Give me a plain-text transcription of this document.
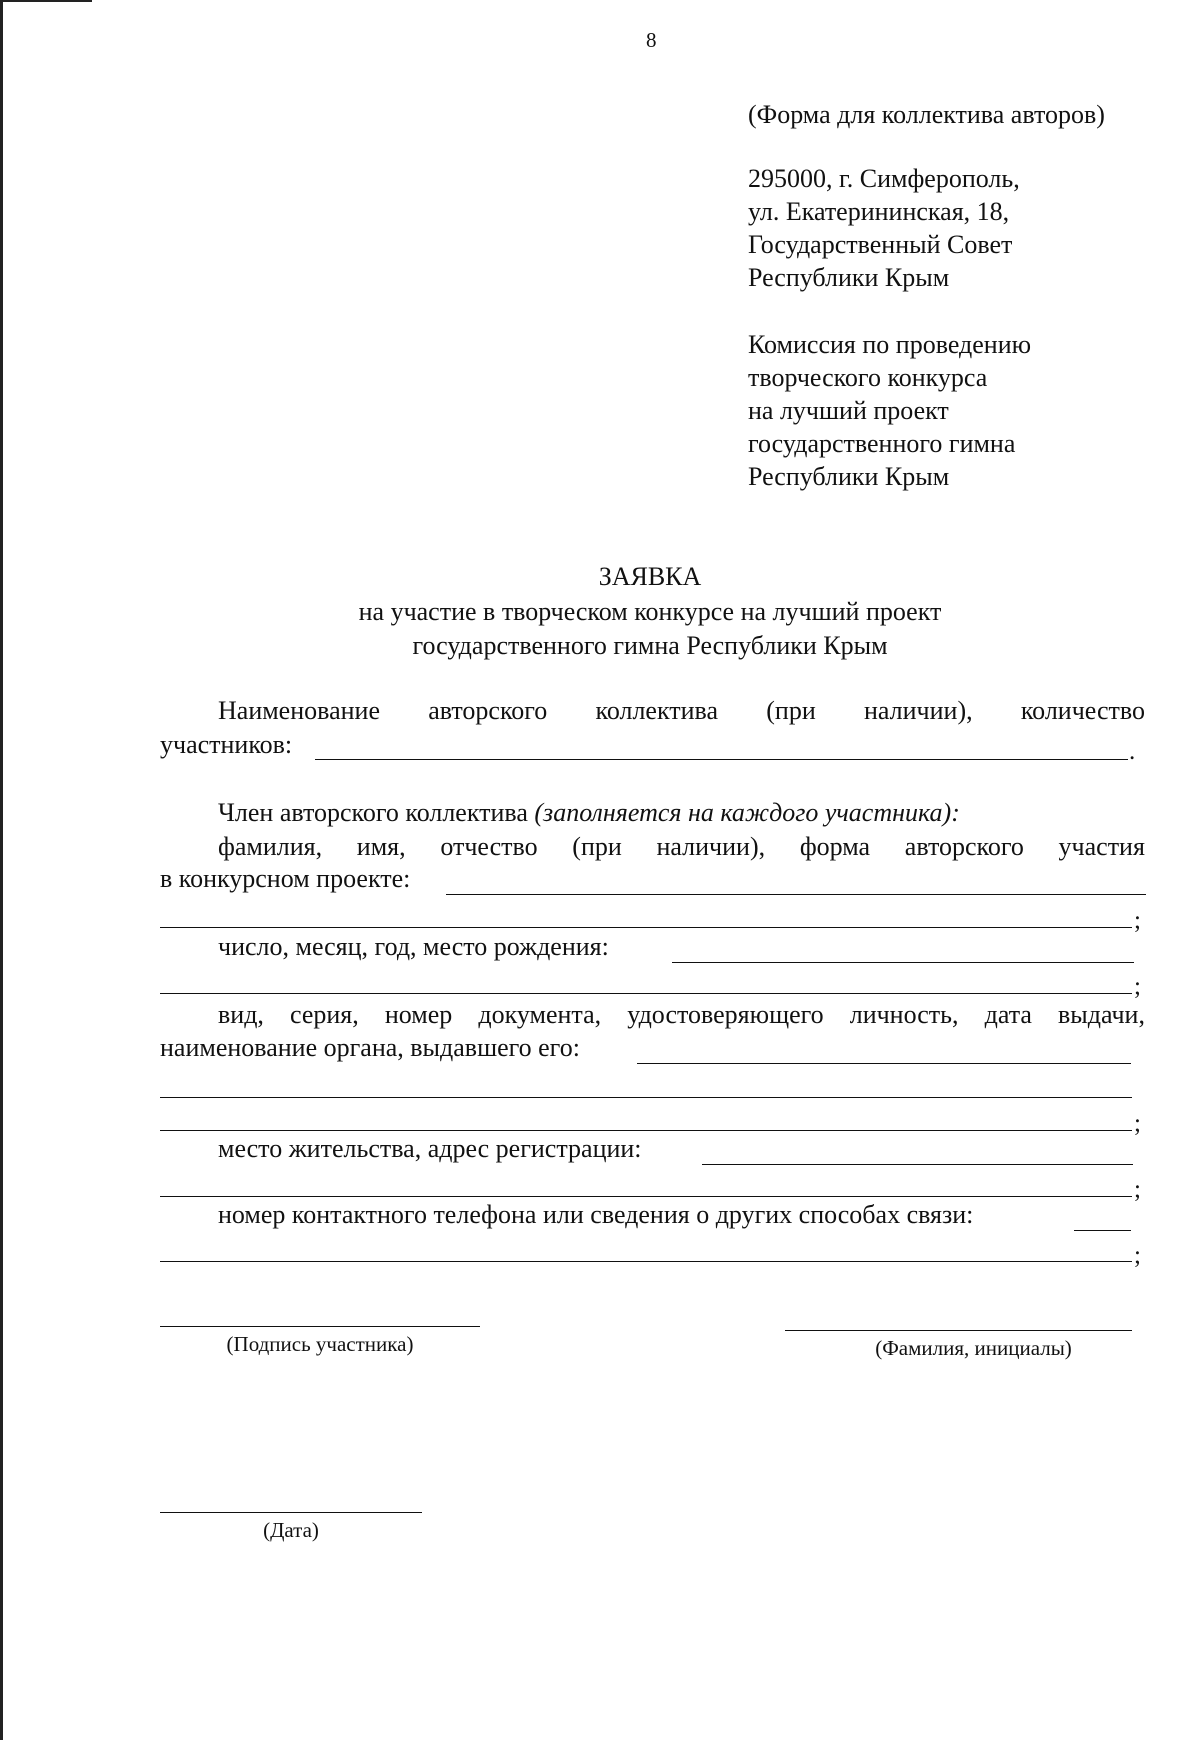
8
(Форма для коллектива авторов)
295000, г. Симферополь,
ул. Екатерининская, 18,
Государственный Совет
Республики Крым
Комиссия по проведению
творческого конкурса
на лучший проект
государственного гимна
Республики Крым
ЗАЯВКА
на участие в творческом конкурсе на лучший проект
государственного гимна Республики Крым
Наименование авторского коллектива (при наличии), количество
участников:	.
Член авторского коллектива (заполняется на каждого участника):
фамилия, имя, отчество (при наличии), форма авторского участия
в конкурсном проекте:
;
число, месяц, год, место рождения:
;
вид, серия, номер документа, удостоверяющего личность, дата выдачи,
наименование органа, выдавшего его:
;
место жительства, адрес регистрации:
;
номер контактного телефона или сведения о других способах связи:
;
(Подпись участника)	(Фамилия, инициалы)
(Дата)
